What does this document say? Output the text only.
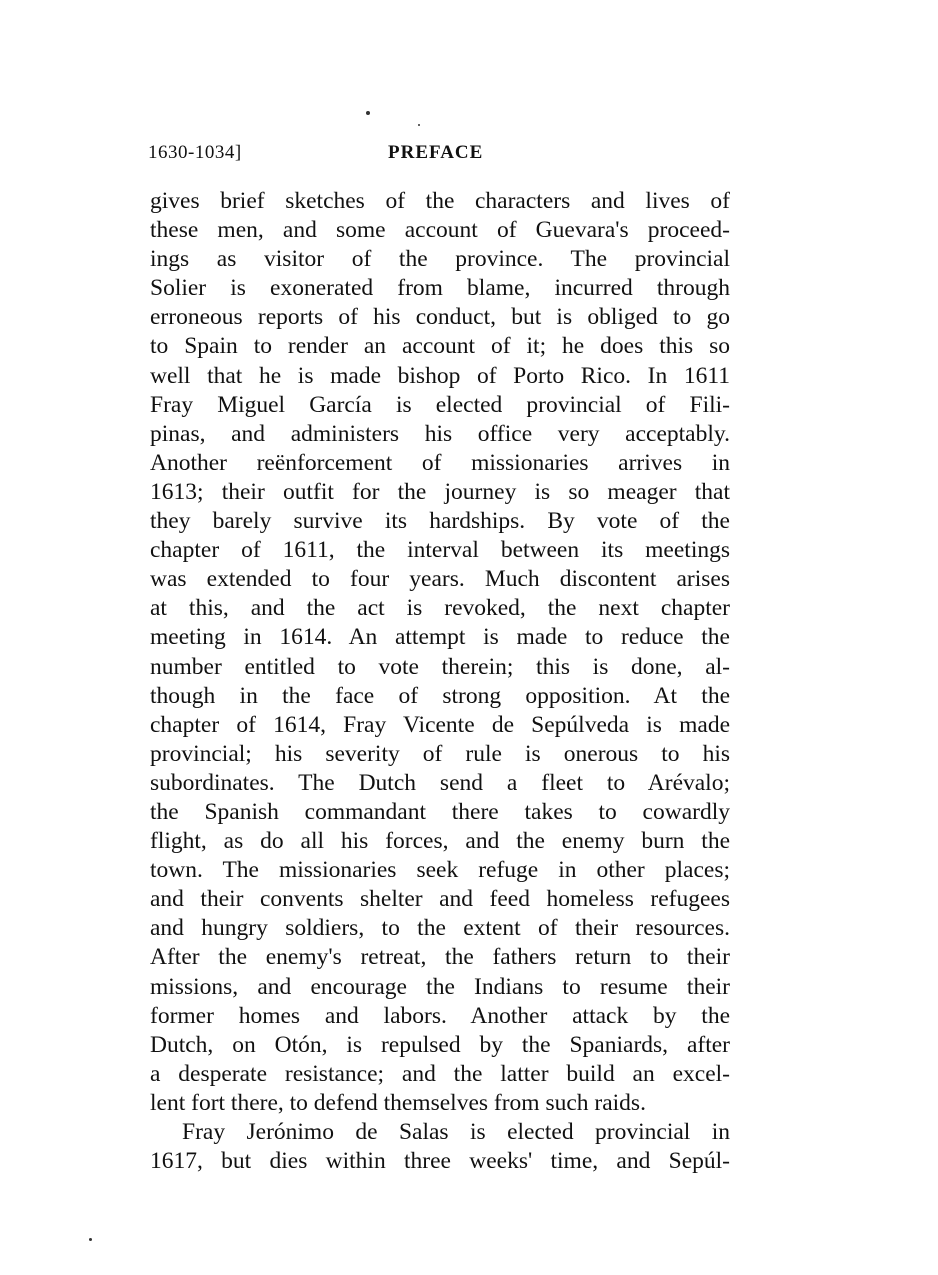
1630-1034]	PREFACE
gives brief sketches of the characters and lives of
these men, and some account of Guevara's proceed-
ings as visitor of the province. The provincial
Solier is exonerated from blame, incurred through
erroneous reports of his conduct, but is obliged to go
to Spain to render an account of it; he does this so
well that he is made bishop of Porto Rico. In 1611
Fray Miguel García is elected provincial of Fili-
pinas, and administers his office very acceptably.
Another reënforcement of missionaries arrives in
1613; their outfit for the journey is so meager that
they barely survive its hardships. By vote of the
chapter of 1611, the interval between its meetings
was extended to four years. Much discontent arises
at this, and the act is revoked, the next chapter
meeting in 1614. An attempt is made to reduce the
number entitled to vote therein; this is done, al-
though in the face of strong opposition. At the
chapter of 1614, Fray Vicente de Sepúlveda is made
provincial; his severity of rule is onerous to his
subordinates. The Dutch send a fleet to Arévalo;
the Spanish commandant there takes to cowardly
flight, as do all his forces, and the enemy burn the
town. The missionaries seek refuge in other places;
and their convents shelter and feed homeless refugees
and hungry soldiers, to the extent of their resources.
After the enemy's retreat, the fathers return to their
missions, and encourage the Indians to resume their
former homes and labors. Another attack by the
Dutch, on Otón, is repulsed by the Spaniards, after
a desperate resistance; and the latter build an excel-
lent fort there, to defend themselves from such raids.
Fray Jerónimo de Salas is elected provincial in
1617, but dies within three weeks' time, and Sepúl-
